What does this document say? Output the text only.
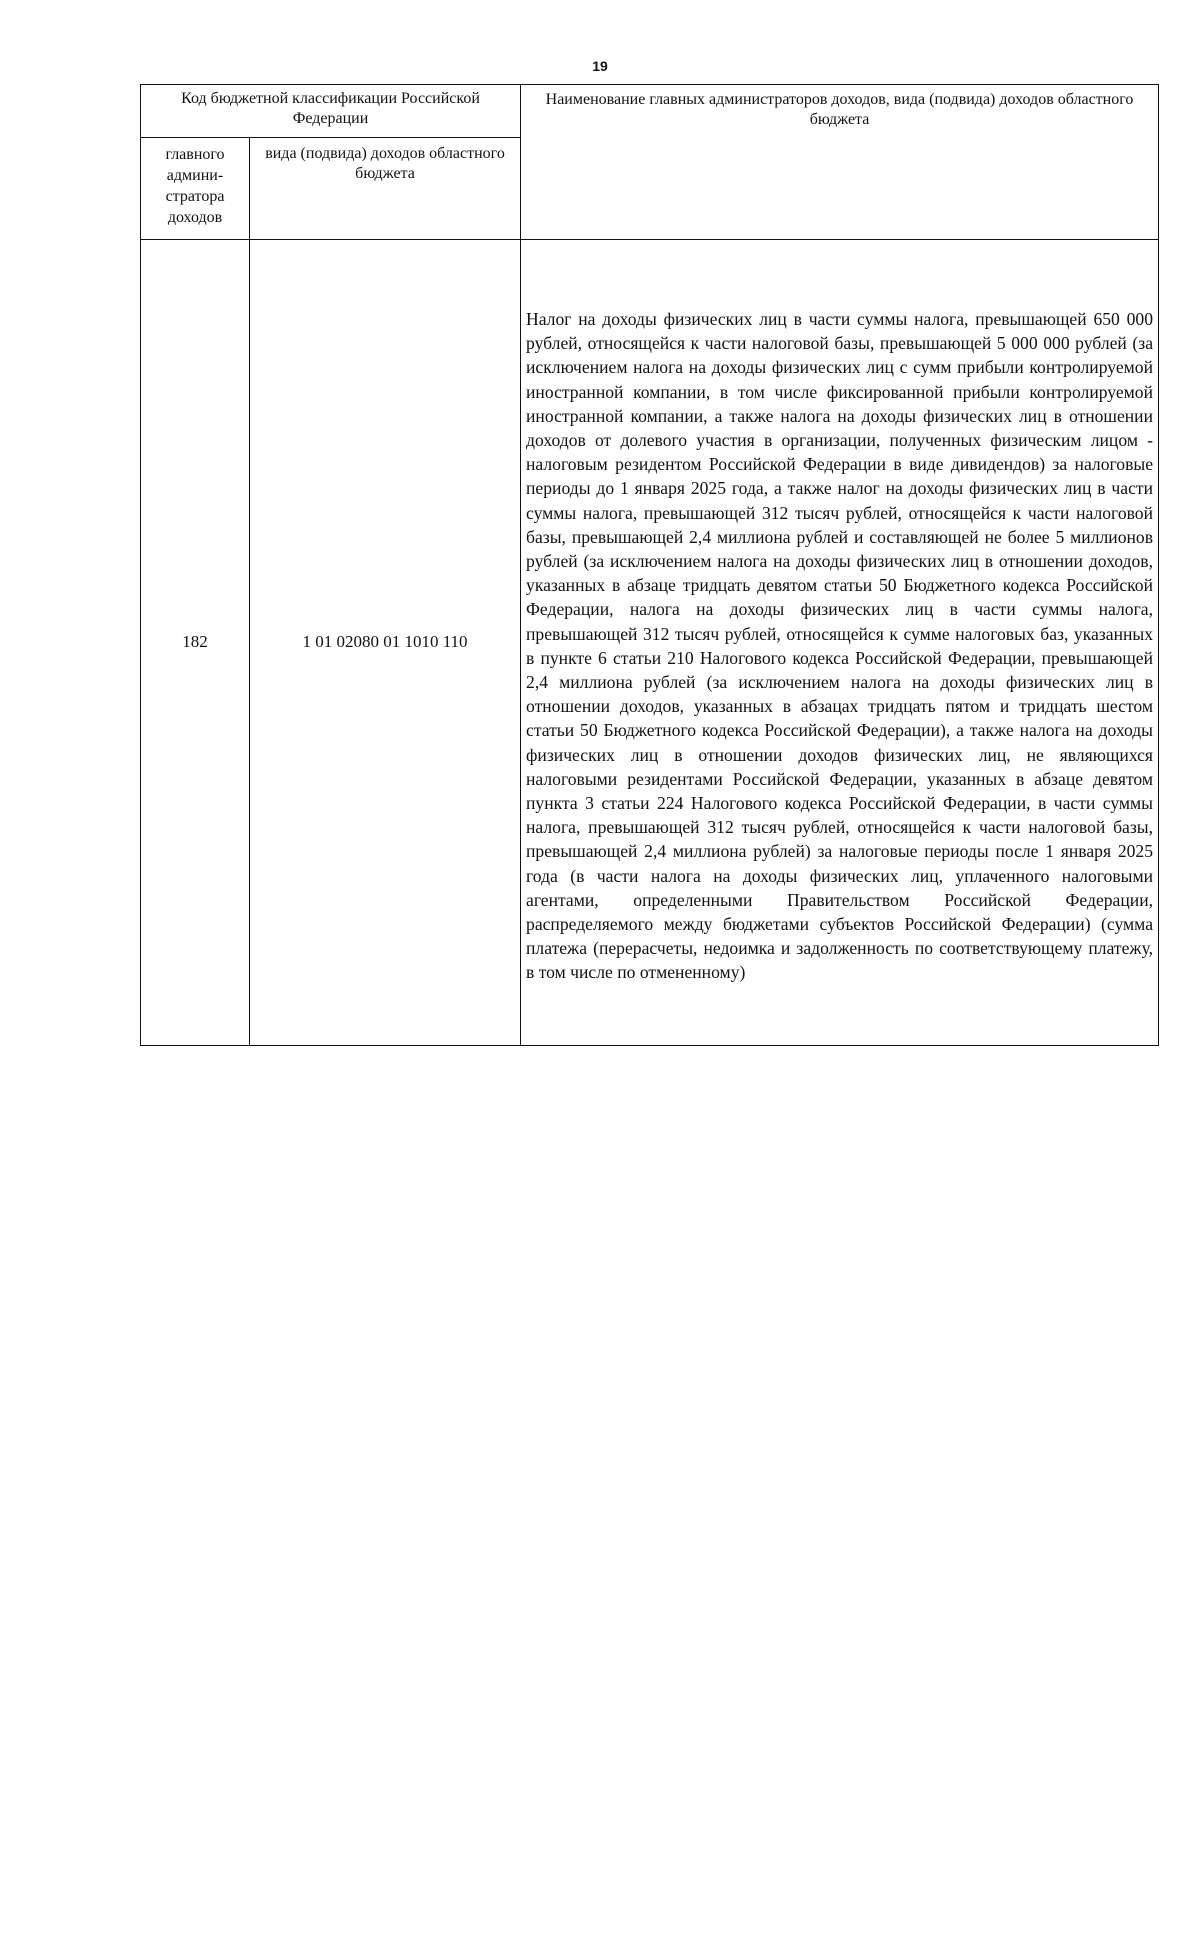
19
Код бюджетной классификации Российской Федерации		Наименование главных администраторов доходов, вида (подвида) доходов областного бюджета

главного админи-стратора доходов	вида (подвида) доходов областного бюджета	

182	1 01 02080 01 1010 110	Налог на доходы физических лиц в части суммы налога, превышающей 650 000 рублей, относящейся к части налоговой базы, превышающей 5 000 000 рублей (за исключением налога на доходы физических лиц с сумм прибыли контролируемой иностранной компании, в том числе фиксированной прибыли контролируемой иностранной компании, а также налога на доходы физических лиц в отношении доходов от долевого участия в организации, полученных физическим лицом - налоговым резидентом Российской Федерации в виде дивидендов) за налоговые периоды до 1 января 2025 года, а также налог на доходы физических лиц в части суммы налога, превышающей 312 тысяч рублей, относящейся к части налоговой базы, превышающей 2,4 миллиона рублей и составляющей не более 5 миллионов рублей (за исключением налога на доходы физических лиц в отношении доходов, указанных в абзаце тридцать девятом статьи 50 Бюджетного кодекса Российской Федерации, налога на доходы физических лиц в части суммы налога, превышающей 312 тысяч рублей, относящейся к сумме налоговых баз, указанных в пункте 6 статьи 210 Налогового кодекса Российской Федерации, превышающей 2,4 миллиона рублей (за исключением налога на доходы физических лиц в отношении доходов, указанных в абзацах тридцать пятом и тридцать шестом статьи 50 Бюджетного кодекса Российской Федерации), а также налога на доходы физических лиц в отношении доходов физических лиц, не являющихся налоговыми резидентами Российской Федерации, указанных в абзаце девятом пункта 3 статьи 224 Налогового кодекса Российской Федерации, в части суммы налога, превышающей 312 тысяч рублей, относящейся к части налоговой базы, превышающей 2,4 миллиона рублей) за налоговые периоды после 1 января 2025 года (в части налога на доходы физических лиц, уплаченного налоговыми агентами, определенными Правительством Российской Федерации, распределяемого между бюджетами субъектов Российской Федерации) (сумма платежа (перерасчеты, недоимка и задолженность по соответствующему платежу, в том числе по отмененному)
